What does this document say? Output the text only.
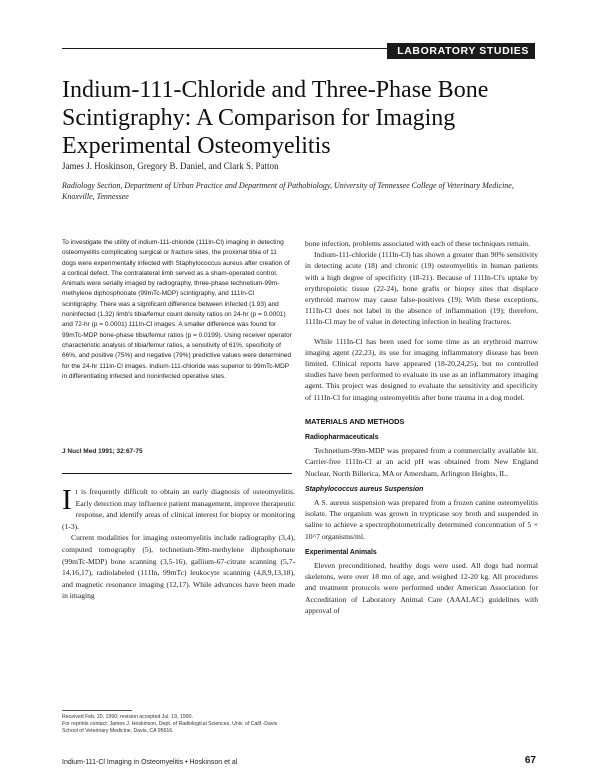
LABORATORY STUDIES
Indium-111-Chloride and Three-Phase Bone Scintigraphy: A Comparison for Imaging Experimental Osteomyelitis
James J. Hoskinson, Gregory B. Daniel, and Clark S. Patton
Radiology Section, Department of Urban Practice and Department of Pathobiology, University of Tennessee College of Veterinary Medicine, Knoxville, Tennessee
To investigate the utility of indium-111-chloride (111In-Cl) imaging in detecting osteomyelitis complicating surgical or fracture sites, the proximal tibia of 11 dogs were experimentally infected with Staphylococcus aureus after creation of a cortical defect. The contralateral limb served as a sham-operated control. Animals were serially imaged by radiography, three-phase technetium-99m-methylene diphosphonate (99mTc-MDP) scintigraphy, and 111In-Cl scintigraphy. There was a significant difference between infected (1.93) and noninfected (1.32) limb's tibia/femur count density ratios on 24-hr (p = 0.0001) and 72-hr (p = 0.0001) 111In-Cl images. A smaller difference was found for 99mTc-MDP bone-phase tibia/femur ratios (p = 0.0199). Using receiver operator characteristic analysis of tibia/femur ratios, a sensitivity of 61%, specificity of 66%, and positive (75%) and negative (79%) predictive values were determined for the 24-hr 111In-Cl images. Indium-111-chloride was superior to 99mTc-MDP in differentiating infected and noninfected operative sites.
J Nucl Med 1991; 32:67-75

It is frequently difficult to obtain an early diagnosis of osteomyelitis. Early detection may influence patient management, improve therapeutic response, and identify areas of clinical interest for biopsy or monitoring (1-3).

Current modalities for imaging osteomyelitis include radiography (3,4), computed tomography (5), technetium-99m-methylene diphosphonate (99mTc-MDP) bone scanning (3,5-16), gallium-67-citrate scanning (5,7-14,16,17), radiolabeled (111In, 99mTc) leukocyte scanning (4,8,9,13,18), and magnetic resonance imaging (12,17). While advances have been made in imaging

Received Feb. 20, 1990; revision accepted Jul. 19, 1990.

For reprints contact: James J. Hoskinson, Dept. of Radiological Sciences, Univ. of Calif.-Davis School of Veterinary Medicine, Davis, CA 95616.

bone infection, problems associated with each of these techniques remain.

Indium-111-chloride (111In-Cl) has shown a greater than 90% sensitivity in detecting acute (18) and chronic (19) osteomyelitis in human patients with a high degree of specificity (18-21). Because of 111In-Cl's uptake by erythropoietic tissue (22-24), bone grafts or biopsy sites that displace erythroid marrow may cause false-positives (19). With these exceptions, 111In-Cl does not label in the absence of inflammation (19); therefore, 111In-Cl may be of value in detecting infection in healing fractures.

While 111In-Cl has been used for some time as an erythroid marrow imaging agent (22,23), its use for imaging inflammatory disease has been limited. Clinical reports have appeared (18-20,24,25), but no controlled studies have been performed to evaluate its use as an inflammatory imaging agent. This project was designed to evaluate the sensitivity and specificity of 111In-Cl for imaging osteomyelitis after bone trauma in a dog model.

MATERIALS AND METHODS
Radiopharmaceuticals

Technetium-99m-MDP was prepared from a commercially available kit. Carrier-free 111In-Cl at an acid pH was obtained from New England Nuclear, North Billerica, MA or Amersham, Arlington Heights, IL.

Staphylococcus aureus Suspension

A S. aureus suspension was prepared from a frozen canine osteomyelitis isolate. The organism was grown in trypticase soy broth and suspended in saline to achieve a spectrophotometrically determined concentration of 5 × 10^7 organisms/ml.

Experimental Animals

Eleven preconditioned, healthy dogs were used. All dogs had normal skeletons, were over 18 mo of age, and weighed 12-20 kg. All procedures and treatment protocols were performed under American Association for Accreditation of Laboratory Animal Care (AAALAC) guidelines with approval of

Indium-111-Cl Imaging in Osteomyelitis • Hoskinson et al	67
